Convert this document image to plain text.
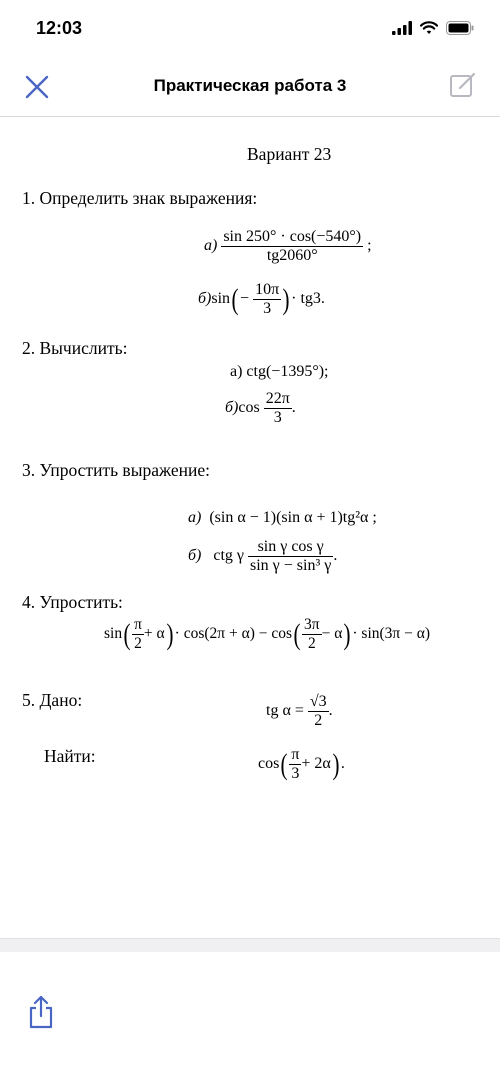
12:03
Практическая работа 3
Вариант 23
1. Определить знак выражения:
$а) \frac{\sin 250^\circ \cdot \cos(-540^\circ)}{tg2060^\circ}$ ;
$б)\sin(- \frac{10\pi}{3}$ )· tg3.
2. Вычислить:
а) ctg(−1395°);
$б)\cos \frac{22\pi}{3}$ .
3. Упростить выражение:
а) (sin α − 1)(sin α + 1)tg²α ;
б) ctg γ $\frac{\text{sin γ cos γ}}{\text{sin γ − sin³ γ}}$ .
4. Упростить:
$\sin( \frac{\pi}{2} + \alpha)\cdot \cos(2\pi + \alpha) - \cos( \frac{3\pi}{2} - \alpha)\cdot \sin(3\pi - \alpha)$
5. Дано:
tg $\alpha = \frac{√3}{2}$ .
Найти:	$\cos( \frac{\pi}{3} + 2\alpha)$.
